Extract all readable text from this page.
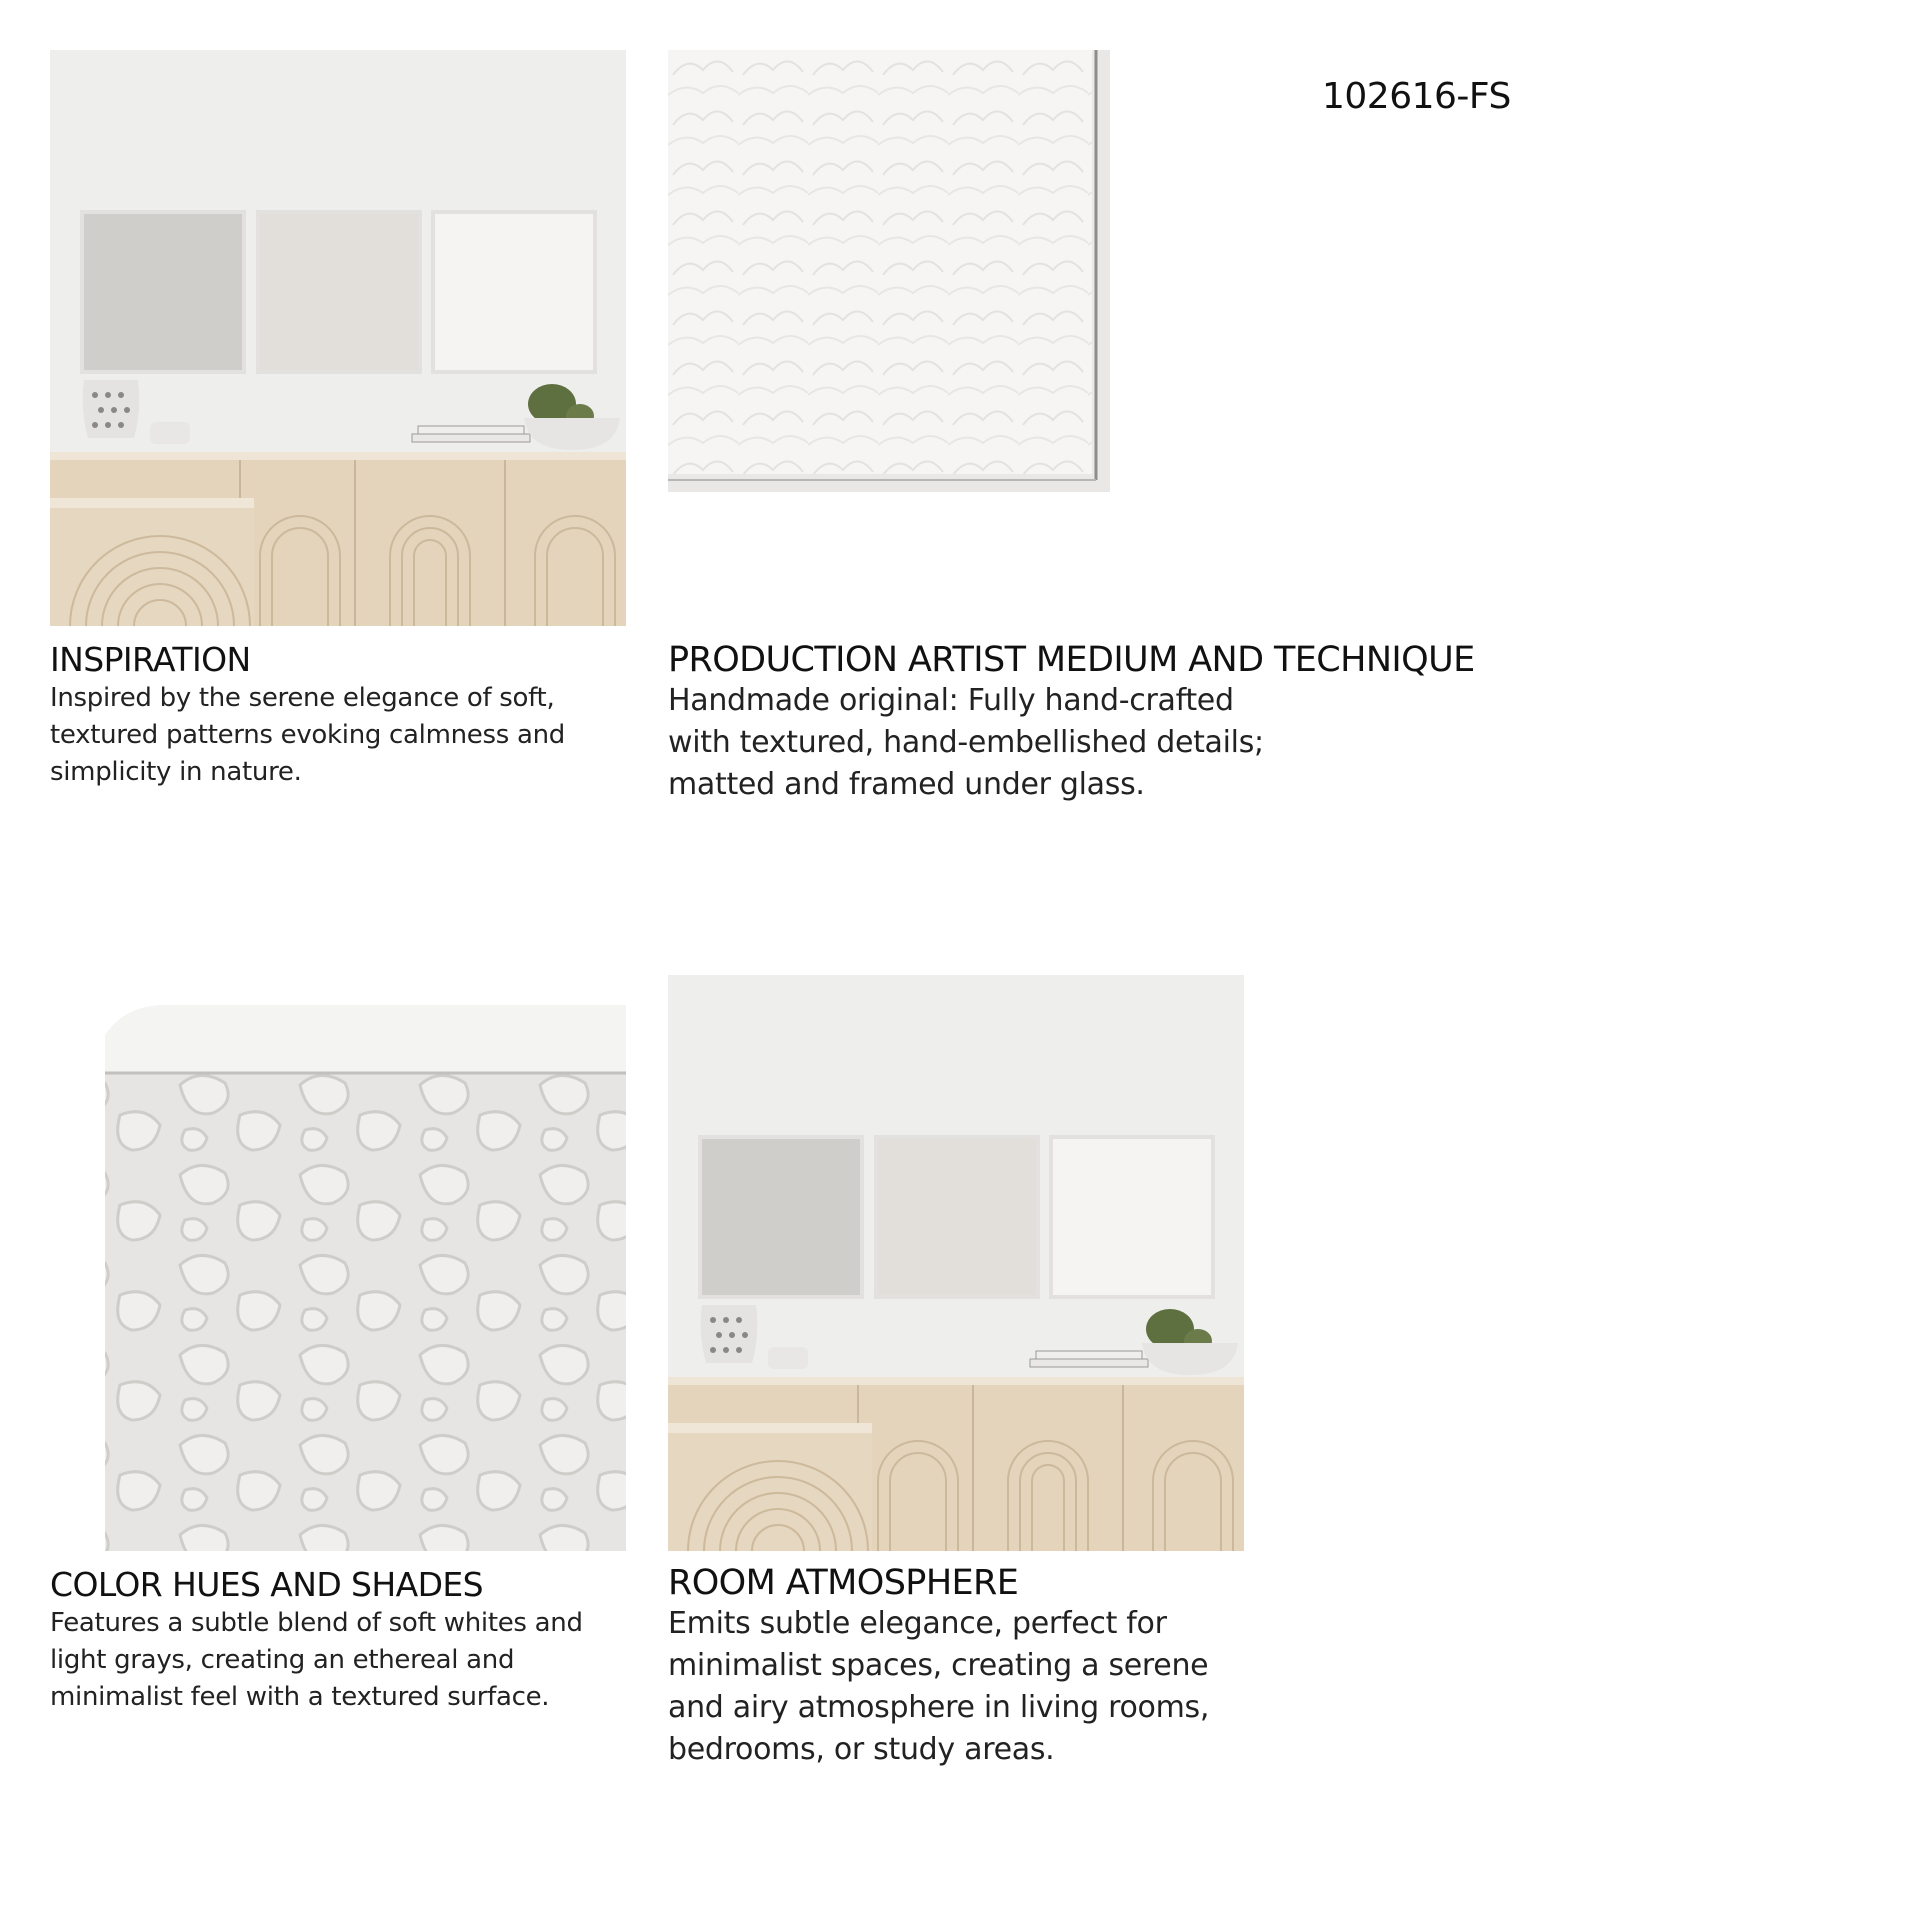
102616-FS
INSPIRATION
Inspired by the serene elegance of soft, textured patterns evoking calmness and simplicity in nature.
PRODUCTION ARTIST MEDIUM AND TECHNIQUE
Handmade original: Fully hand-crafted with textured, hand-embellished details; matted and framed under glass.
COLOR HUES AND SHADES
Features a subtle blend of soft whites and light grays, creating an ethereal and minimalist feel with a textured surface.
ROOM ATMOSPHERE
Emits subtle elegance, perfect for minimalist spaces, creating a serene and airy atmosphere in living rooms, bedrooms, or study areas.
